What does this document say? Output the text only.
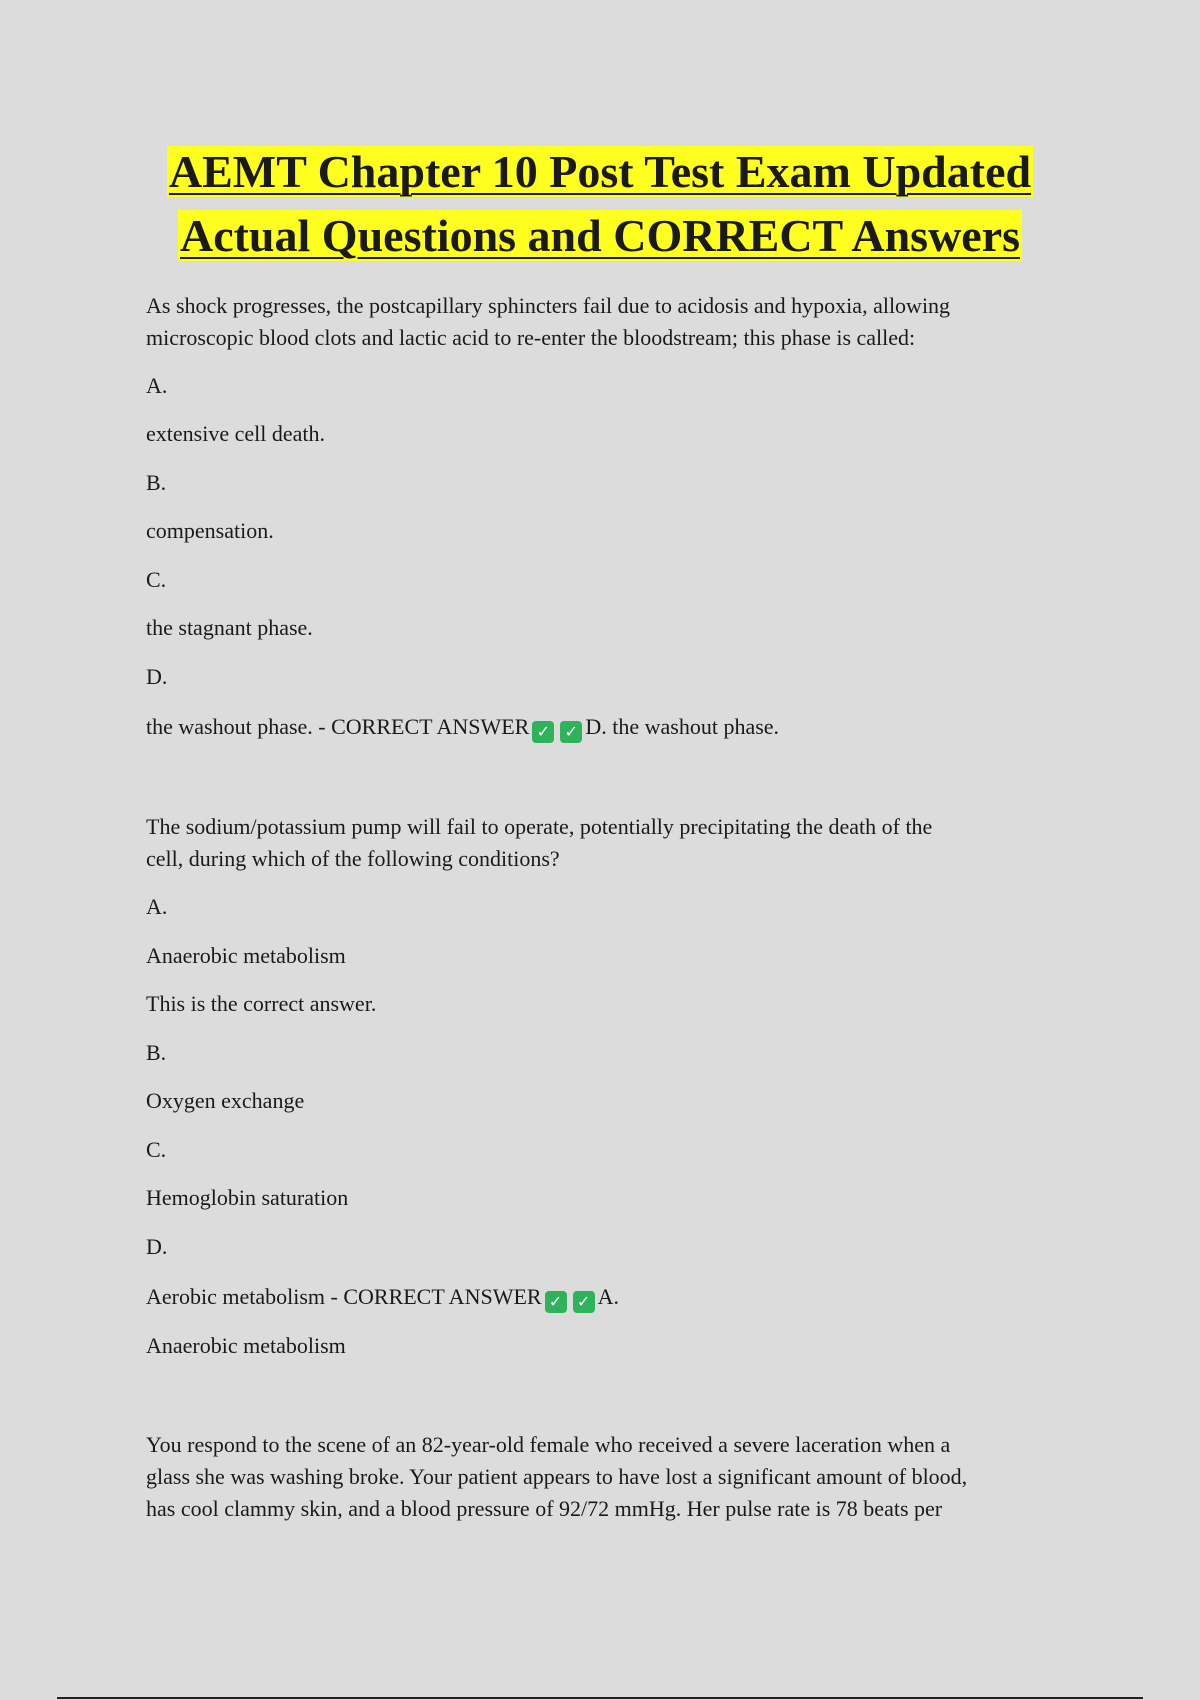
AEMT Chapter 10 Post Test Exam Updated
Actual Questions and CORRECT Answers

As shock progresses, the postcapillary sphincters fail due to acidosis and hypoxia, allowing

microscopic blood clots and lactic acid to re-enter the bloodstream; this phase is called:

A.

extensive cell death.

B.

compensation.

C.

the stagnant phase.

D.

the washout phase. - CORRECT ANSWER ✓ ✓ D. the washout phase.

The sodium/potassium pump will fail to operate, potentially precipitating the death of the

cell, during which of the following conditions?

A.

Anaerobic metabolism

This is the correct answer.

B.

Oxygen exchange

C.

Hemoglobin saturation

D.

Aerobic metabolism - CORRECT ANSWER ✓ ✓ A.

Anaerobic metabolism

You respond to the scene of an 82-year-old female who received a severe laceration when a

glass she was washing broke. Your patient appears to have lost a significant amount of blood,

has cool clammy skin, and a blood pressure of 92/72 mmHg. Her pulse rate is 78 beats per
